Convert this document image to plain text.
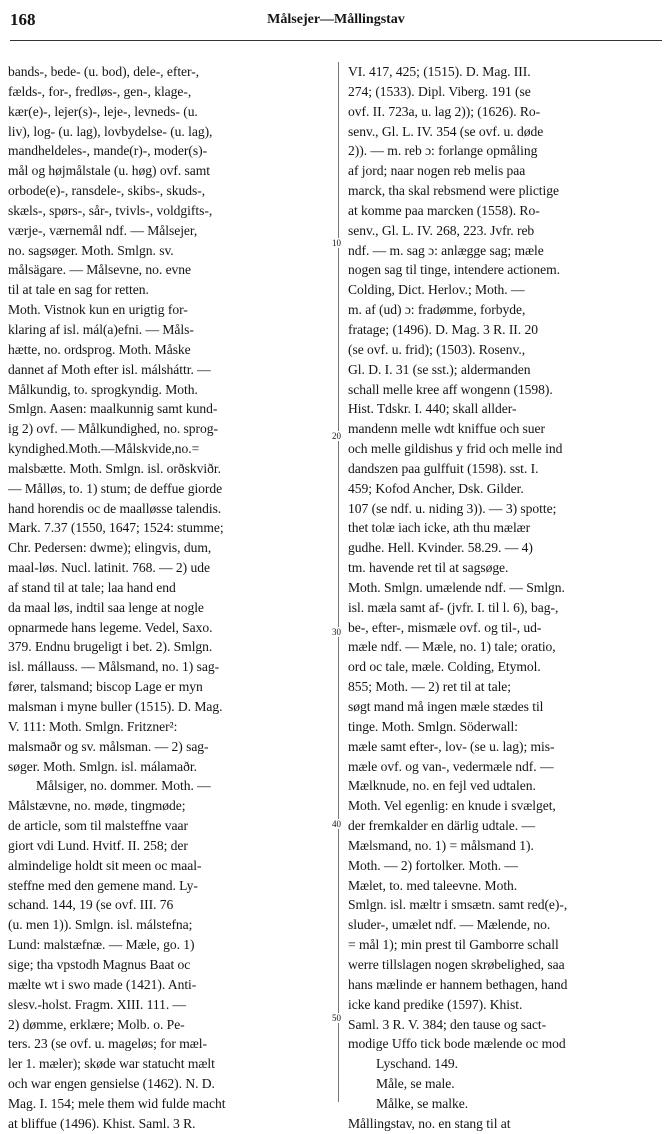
168	Målsejer—Mållingstav
10
20
30
40
50
bands-, bede- (u. bod), dele-, efter-,
fælds-, for-, fredløs-, gen-, klage-,
kær(e)-, lejer(s)-, leje-, levneds- (u.
liv), log- (u. lag), lovbydelse- (u. lag),
mandheldeles-, mande(r)-, moder(s)-
mål og højmålstale (u. høg) ovf. samt
orbode(e)-, ransdele-, skibs-, skuds-,
skæls-, spørs-, sår-, tvivls-, voldgifts-,
værje-, værnemål ndf. — Målsejer,
no. sagsøger. Moth. Smlgn. sv.
målsägare. — Målsevne, no. evne
til at tale en sag for retten.
Moth. Vistnok kun en urigtig for-
klaring af isl. mál(a)efni. — Måls-
hætte, no. ordsprog. Moth. Måske
dannet af Moth efter isl. málsháttr. —
Målkundig, to. sprogkyndig. Moth.
Smlgn. Aasen: maalkunnig samt kund-
ig 2) ovf. — Målkundighed, no. sprog-
kyndighed.Moth.—Målskvide,no.=
malsbætte. Moth. Smlgn. isl. orðskviðr.
— Målløs, to. 1) stum; de deffue giorde
hand horendis oc de maalløsse talendis.
Mark. 7.37 (1550, 1647; 1524: stumme;
Chr. Pedersen: dwme); elingvis, dum,
maal-løs. Nucl. latinit. 768. — 2) ude
af stand til at tale; laa hand end
da maal løs, indtil saa lenge at nogle
opnarmede hans legeme. Vedel, Saxo.
379. Endnu brugeligt i bet. 2). Smlgn.
isl. mállauss. — Målsmand, no. 1) sag-
fører, talsmand; biscop Lage er myn
malsman i myne buller (1515). D. Mag.
V. 111: Moth. Smlgn. Fritzner²:
malsmaðr og sv. målsman. — 2) sag-
søger. Moth. Smlgn. isl. málamaðr.
Målsiger, no. dommer. Moth. —
Målstævne, no. møde, tingmøde;
de article, som til malsteffne vaar
giort vdi Lund. Hvitf. II. 258; der
almindelige holdt sit meen oc maal-
steffne med den gemene mand. Ly-
schand. 144, 19 (se ovf. III. 76
(u. men 1)). Smlgn. isl. málstefna;
Lund: malstæfnæ. — Mæle, go. 1)
sige; tha vpstodh Magnus Baat oc
mælte wt i swo made (1421). Anti-
slesv.-holst. Fragm. XIII. 111. —
2) dømme, erklære; Molb. o. Pe-
ters. 23 (se ovf. u. mageløs; for mæl-
ler 1. mæler); skøde war statucht mælt
och war engen gensielse (1462). N. D.
Mag. I. 154; mele them wid fulde macht
at bliffue (1496). Khist. Saml. 3 R.
VI. 417, 425; (1515). D. Mag. III.
274; (1533). Dipl. Viberg. 191 (se
ovf. II. 723a, u. lag 2)); (1626). Ro-
senv., Gl. L. IV. 354 (se ovf. u. døde
2)). — m. reb ɔ: forlange opmåling
af jord; naar nogen reb melis paa
marck, tha skal rebsmend were plictige
at komme paa marcken (1558). Ro-
senv., Gl. L. IV. 268, 223. Jvfr. reb
ndf. — m. sag ɔ: anlægge sag; mæle
nogen sag til tinge, intendere actionem.
Colding, Dict. Herlov.; Moth. —
m. af (ud) ɔ: fradømme, forbyde,
fratage; (1496). D. Mag. 3 R. II. 20
(se ovf. u. frid); (1503). Rosenv.,
Gl. D. I. 31 (se sst.); aldermanden
schall melle kree aff wongenn (1598).
Hist. Tdskr. I. 440; skall allder-
mandenn melle wdt kniffue och suer
och melle gildishus y frid och melle ind
dandszen paa gulffuit (1598). sst. I.
459; Kofod Ancher, Dsk. Gilder.
107 (se ndf. u. niding 3)). — 3) spotte;
thet tolæ iach icke, ath thu mælær
gudhe. Hell. Kvinder. 58.29. — 4)
tm. havende ret til at sagsøge.
Moth. Smlgn. umælende ndf. — Smlgn.
isl. mæla samt af- (jvfr. I. til l. 6), bag-,
be-, efter-, mismæle ovf. og til-, ud-
mæle ndf. — Mæle, no. 1) tale; oratio,
ord oc tale, mæle. Colding, Etymol.
855; Moth. — 2) ret til at tale;
søgt mand må ingen mæle stædes til
tinge. Moth. Smlgn. Söderwall:
mæle samt efter-, lov- (se u. lag); mis-
mæle ovf. og van-, vedermæle ndf. —
Mælknude, no. en fejl ved udtalen.
Moth. Vel egenlig: en knude i svælget,
der fremkalder en därlig udtale. —
Mælsmand, no. 1) = målsmand 1).
Moth. — 2) fortolker. Moth. —
Mælet, to. med taleevne. Moth.
Smlgn. isl. mæltr i smsætn. samt red(e)-,
sluder-, umælet ndf. — Mælende, no.
= mål 1); min prest til Gamborre schall
werre tillslagen nogen skrøbelighed, saa
hans mælinde er hannem bethagen, hand
icke kand predike (1597). Khist.
Saml. 3 R. V. 384; den tause og sact-
modige Uffo tick bode mælende oc mod
Lyschand. 149.
Måle, se male.
Målke, se malke.
Mållingstav, no. en stang til at
